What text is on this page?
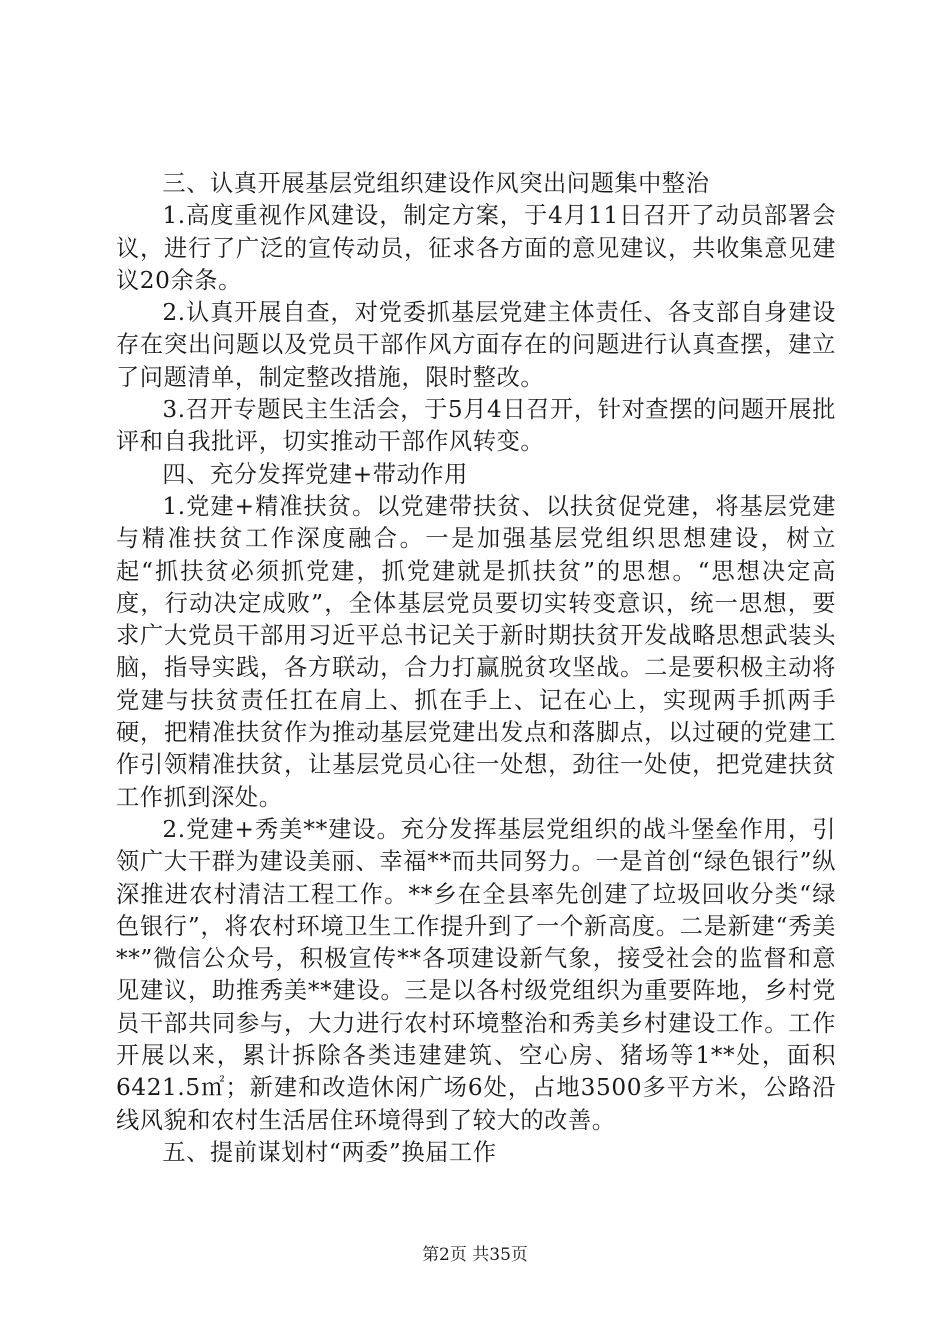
三、认真开展基层党组织建设作风突出问题集中整治

1.高度重视作风建设，制定方案，于4月11日召开了动员部署会议，进行了广泛的宣传动员，征求各方面的意见建议，共收集意见建议20余条。

2.认真开展自查，对党委抓基层党建主体责任、各支部自身建设存在突出问题以及党员干部作风方面存在的问题进行认真查摆，建立了问题清单，制定整改措施，限时整改。

3.召开专题民主生活会，于5月4日召开，针对查摆的问题开展批评和自我批评，切实推动干部作风转变。

四、充分发挥党建+带动作用

1.党建+精准扶贫。以党建带扶贫、以扶贫促党建，将基层党建与精准扶贫工作深度融合。一是加强基层党组织思想建设，树立起“抓扶贫必须抓党建，抓党建就是抓扶贫”的思想。“思想决定高度，行动决定成败”，全体基层党员要切实转变意识，统一思想，要求广大党员干部用习近平总书记关于新时期扶贫开发战略思想武装头脑，指导实践，各方联动，合力打赢脱贫攻坚战。二是要积极主动将党建与扶贫责任扛在肩上、抓在手上、记在心上，实现两手抓两手硬，把精准扶贫作为推动基层党建出发点和落脚点，以过硬的党建工作引领精准扶贫，让基层党员心往一处想，劲往一处使，把党建扶贫工作抓到深处。

2.党建+秀美**建设。充分发挥基层党组织的战斗堡垒作用，引领广大干群为建设美丽、幸福**而共同努力。一是首创“绿色银行”纵深推进农村清洁工程工作。**乡在全县率先创建了垃圾回收分类“绿色银行”，将农村环境卫生工作提升到了一个新高度。二是新建“秀美**”微信公众号，积极宣传**各项建设新气象，接受社会的监督和意见建议，助推秀美**建设。三是以各村级党组织为重要阵地，乡村党员干部共同参与，大力进行农村环境整治和秀美乡村建设工作。工作开展以来，累计拆除各类违建建筑、空心房、猪场等1**处，面积6421.5㎡；新建和改造休闲广场6处，占地3500多平方米，公路沿线风貌和农村生活居住环境得到了较大的改善。

五、提前谋划村“两委”换届工作

第2页 共35页
